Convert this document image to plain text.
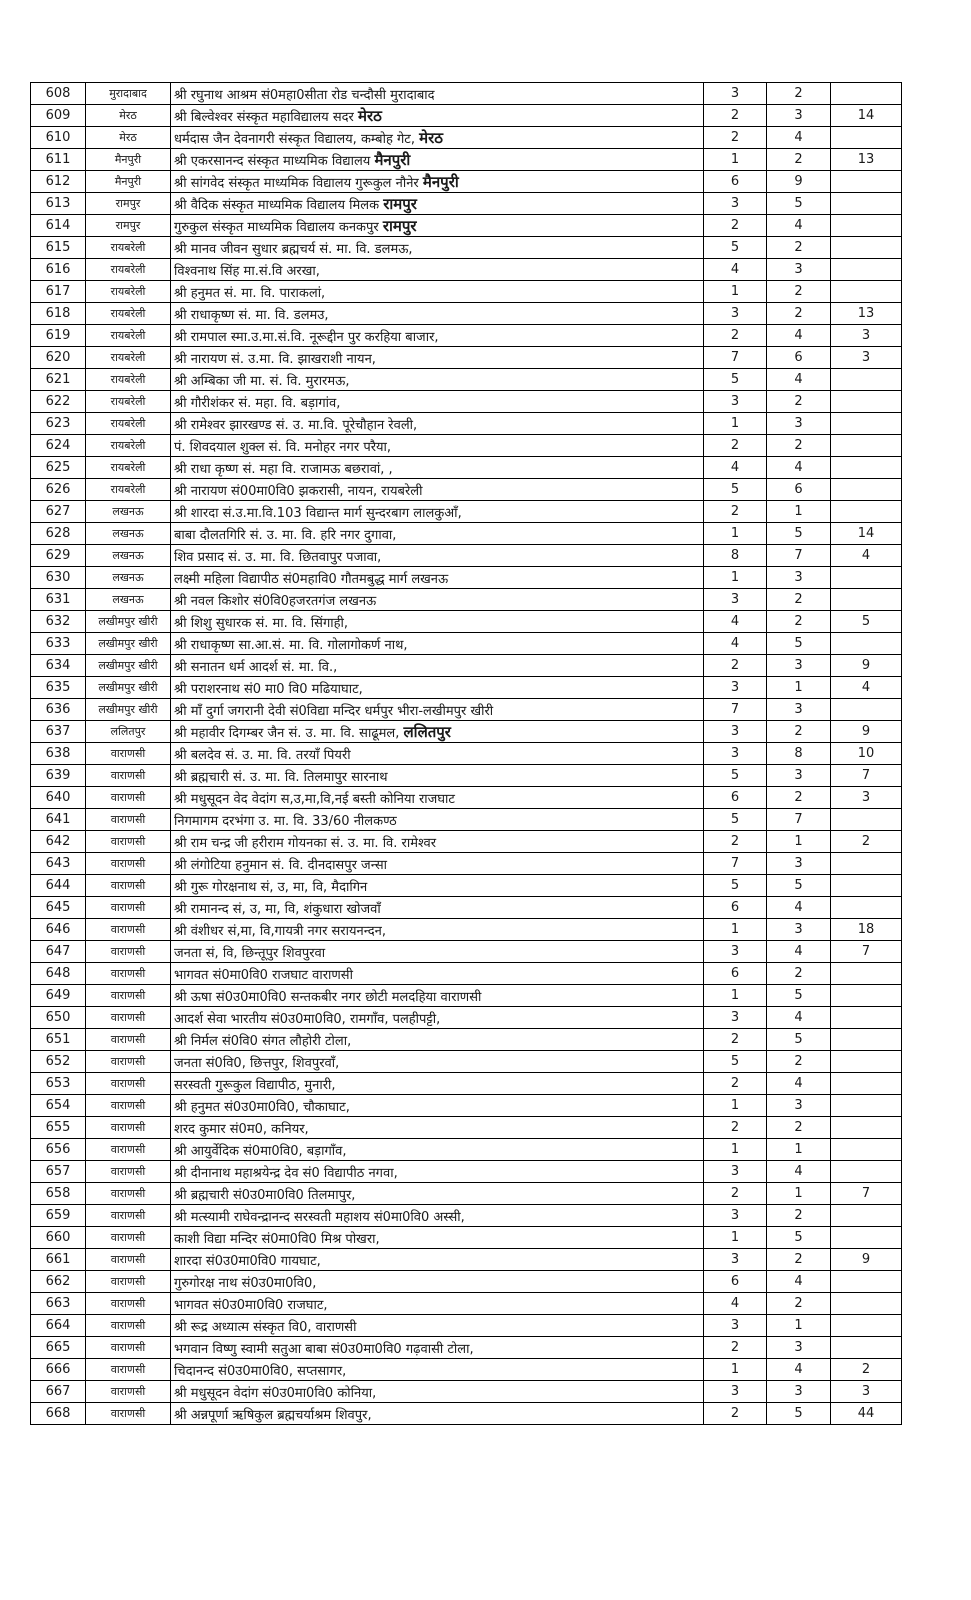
608	मुरादाबाद	श्री रघुनाथ आश्रम सं0महा0सीता रोड चन्दौसी मुरादाबाद	3	2	
609	मेरठ	श्री बिल्वेश्वर संस्कृत महाविद्यालय सदर मेरठ	2	3	14
610	मेरठ	धर्मदास जैन देवनागरी संस्कृत विद्यालय, कम्बोह गेट, मेरठ	2	4	
611	मैनपुरी	श्री एकरसानन्द संस्कृत माध्यमिक विद्यालय मैनपुरी	1	2	13
612	मैनपुरी	श्री सांगवेद संस्कृत माध्यमिक विद्यालय गुरूकुल नौनेर मैनपुरी	6	9	
613	रामपुर	श्री वैदिक संस्कृत माध्यमिक विद्यालय मिलक रामपुर	3	5	
614	रामपुर	गुरुकुल संस्कृत माध्यमिक विद्यालय कनकपुर रामपुर	2	4	
615	रायबरेली	श्री मानव जीवन सुधार ब्रह्मचर्य सं. मा. वि. डलमऊ,	5	2	
616	रायबरेली	विश्वनाथ सिंह मा.सं.वि अरखा,	4	3	
617	रायबरेली	श्री हनुमत सं. मा. वि. पाराकलां,	1	2	
618	रायबरेली	श्री राधाकृष्ण सं. मा. वि. डलमउ,	3	2	13
619	रायबरेली	श्री रामपाल स्मा.उ.मा.सं.वि. नूरूद्दीन पुर करहिया बाजार,	2	4	3
620	रायबरेली	श्री नारायण सं. उ.मा. वि. झाखराशी नायन,	7	6	3
621	रायबरेली	श्री अम्बिका जी मा. सं. वि. मुरारमऊ,	5	4	
622	रायबरेली	श्री गौरीशंकर सं. महा. वि. बड़ागांव,	3	2	
623	रायबरेली	श्री रामेश्वर झारखण्ड सं. उ. मा.वि. पूरेचौहान रेवली,	1	3	
624	रायबरेली	पं. शिवदयाल शुक्ल सं. वि. मनोहर नगर परैया,	2	2	
625	रायबरेली	श्री राधा कृष्ण सं. महा वि. राजामऊ बछरावां, ,	4	4	
626	रायबरेली	श्री नारायण सं00मा0वि0 झकरासी, नायन, रायबरेली	5	6	
627	लखनऊ	श्री शारदा सं.उ.मा.वि.103 विद्यान्त मार्ग सुन्दरबाग लालकुआँ,	2	1	
628	लखनऊ	बाबा दौलतगिरि सं. उ. मा. वि. हरि नगर दुगावा,	1	5	14
629	लखनऊ	शिव प्रसाद सं. उ. मा. वि. छितवापुर पजावा,	8	7	4
630	लखनऊ	लक्ष्मी महिला विद्यापीठ सं0महावि0 गौतमबुद्ध मार्ग लखनऊ	1	3	
631	लखनऊ	श्री नवल किशोर सं0वि0हजरतगंज लखनऊ	3	2	
632	लखीमपुर खीरी	श्री शिशु सुधारक सं. मा. वि. सिंगाही,	4	2	5
633	लखीमपुर खीरी	श्री राधाकृष्ण सा.आ.सं. मा. वि. गोलागोकर्ण नाथ,	4	5	
634	लखीमपुर खीरी	श्री सनातन धर्म आदर्श सं. मा. वि.,	2	3	9
635	लखीमपुर खीरी	श्री पराशरनाथ सं0 मा0 वि0 मढियाघाट,	3	1	4
636	लखीमपुर खीरी	श्री माँ दुर्गा जगरानी देवी सं0विद्या मन्दिर धर्मपुर भीरा-लखीमपुर खीरी	7	3	
637	ललितपुर	श्री महावीर दिगम्बर जैन सं. उ. मा. वि. साढूमल, ललितपुर	3	2	9
638	वाराणसी	श्री बलदेव सं. उ. मा. वि. तरयाँ पियरी	3	8	10
639	वाराणसी	श्री ब्रह्मचारी सं. उ. मा. वि. तिलमापुर सारनाथ	5	3	7
640	वाराणसी	श्री मधुसूदन वेद वेदांग स,उ,मा,वि,नई बस्ती कोनिया राजघाट	6	2	3
641	वाराणसी	निगमागम दरभंगा उ. मा. वि. 33/60 नीलकण्ठ	5	7	
642	वाराणसी	श्री राम चन्द्र जी हरीराम गोयनका सं. उ. मा. वि. रामेश्वर	2	1	2
643	वाराणसी	श्री लंगोटिया हनुमान सं. वि. दीनदासपुर जन्सा	7	3	
644	वाराणसी	श्री गुरू गोरक्षनाथ सं, उ, मा, वि, मैदागिन	5	5	
645	वाराणसी	श्री रामानन्द सं, उ, मा, वि, शंकुधारा खोजवाँ	6	4	
646	वाराणसी	श्री वंशीधर सं,मा, वि,गायत्री नगर सरायनन्दन,	1	3	18
647	वाराणसी	जनता सं, वि, छिन्तूपुर शिवपुरवा	3	4	7
648	वाराणसी	भागवत सं0मा0वि0 राजघाट वाराणसी	6	2	
649	वाराणसी	श्री ऊषा सं0उ0मा0वि0 सन्तकबीर नगर छोटी मलदहिया वाराणसी	1	5	
650	वाराणसी	आदर्श सेवा भारतीय सं0उ0मा0वि0, रामगाँव, पलहीपट्टी,	3	4	
651	वाराणसी	श्री निर्मल सं0वि0 संगत लौहोरी टोला,	2	5	
652	वाराणसी	जनता सं0वि0, छित्तपुर, शिवपुरवाँ,	5	2	
653	वाराणसी	सरस्वती गुरूकुल विद्यापीठ, मुनारी,	2	4	
654	वाराणसी	श्री हनुमत सं0उ0मा0वि0, चौकाघाट,	1	3	
655	वाराणसी	शरद कुमार सं0म0, कनियर,	2	2	
656	वाराणसी	श्री आयुर्वेदिक सं0मा0वि0, बड़ागाँव,	1	1	
657	वाराणसी	श्री दीनानाथ महाश्रयेन्द्र देव सं0 विद्यापीठ नगवा,	3	4	
658	वाराणसी	श्री ब्रह्मचारी सं0उ0मा0वि0 तिलमापुर,	2	1	7
659	वाराणसी	श्री मत्स्यामी राघेवन्द्रानन्द सरस्वती महाशय सं0मा0वि0 अस्सी,	3	2	
660	वाराणसी	काशी विद्या मन्दिर सं0मा0वि0 मिश्र पोखरा,	1	5	
661	वाराणसी	शारदा सं0उ0मा0वि0 गायघाट,	3	2	9
662	वाराणसी	गुरुगोरक्ष नाथ सं0उ0मा0वि0,	6	4	
663	वाराणसी	भागवत सं0उ0मा0वि0 राजघाट,	4	2	
664	वाराणसी	श्री रूद्र अध्यात्म संस्कृत वि0, वाराणसी	3	1	
665	वाराणसी	भगवान विष्णु स्वामी सतुआ बाबा सं0उ0मा0वि0 गढ़वासी टोला,	2	3	
666	वाराणसी	चिदानन्द सं0उ0मा0वि0, सप्तसागर,	1	4	2
667	वाराणसी	श्री मधुसूदन वेदांग सं0उ0मा0वि0 कोनिया,	3	3	3
668	वाराणसी	श्री अन्नपूर्णा ऋषिकुल ब्रह्मचर्याश्रम शिवपुर,	2	5	44
